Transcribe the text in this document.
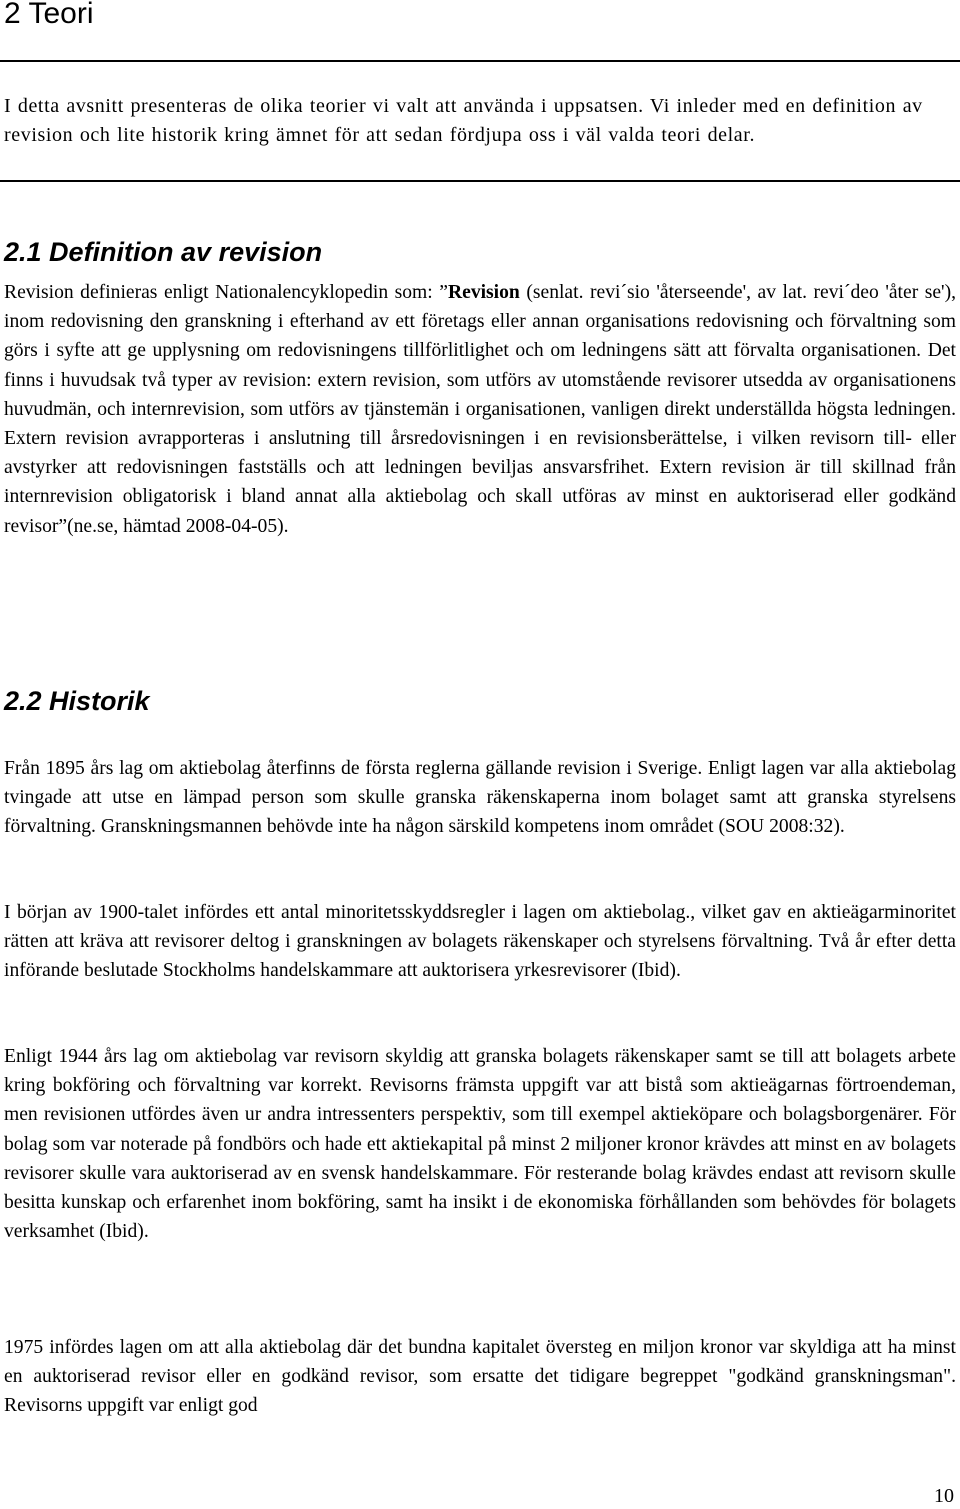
2 Teori

I detta avsnitt presenteras de olika teorier vi valt att använda i uppsatsen. Vi inleder med en definition av revision och lite historik kring ämnet för att sedan fördjupa oss i väl valda teori delar.

2.1 Definition av revision

Revision definieras enligt Nationalencyklopedin som: ”Revision (senlat. revi´sio 'återseende', av lat. revi´deo 'åter se'), inom redovisning den granskning i efterhand av ett företags eller annan organisations redovisning och förvaltning som görs i syfte att ge upplysning om redovisningens tillförlitlighet och om ledningens sätt att förvalta organisationen. Det finns i huvudsak två typer av revision: extern revision, som utförs av utomstående revisorer utsedda av organisationens huvudmän, och internrevision, som utförs av tjänstemän i organisationen, vanligen direkt underställda högsta ledningen. Extern revision avrapporteras i anslutning till årsredovisningen i en revisionsberättelse, i vilken revisorn till- eller avstyrker att redovisningen fastställs och att ledningen beviljas ansvarsfrihet. Extern revision är till skillnad från internrevision obligatorisk i bland annat alla aktiebolag och skall utföras av minst en auktoriserad eller godkänd revisor”(ne.se, hämtad 2008-04-05).

2.2 Historik

Från 1895 års lag om aktiebolag återfinns de första reglerna gällande revision i Sverige. Enligt lagen var alla aktiebolag tvingade att utse en lämpad person som skulle granska räkenskaperna inom bolaget samt att granska styrelsens förvaltning. Granskningsmannen behövde inte ha någon särskild kompetens inom området (SOU 2008:32).

I början av 1900-talet infördes ett antal minoritetsskyddsregler i lagen om aktiebolag., vilket gav en aktieägarminoritet rätten att kräva att revisorer deltog i granskningen av bolagets räkenskaper och styrelsens förvaltning. Två år efter detta införande beslutade Stockholms handelskammare att auktorisera yrkesrevisorer (Ibid).

Enligt 1944 års lag om aktiebolag var revisorn skyldig att granska bolagets räkenskaper samt se till att bolagets arbete kring bokföring och förvaltning var korrekt. Revisorns främsta uppgift var att bistå som aktieägarnas förtroendeman, men revisionen utfördes även ur andra intressenters perspektiv, som till exempel aktieköpare och bolagsborgenärer. För bolag som var noterade på fondbörs och hade ett aktiekapital på minst 2 miljoner kronor krävdes att minst en av bolagets revisorer skulle vara auktoriserad av en svensk handelskammare. För resterande bolag krävdes endast att revisorn skulle besitta kunskap och erfarenhet inom bokföring, samt ha insikt i de ekonomiska förhållanden som behövdes för bolagets verksamhet (Ibid).

1975 infördes lagen om att alla aktiebolag där det bundna kapitalet översteg en miljon kronor var skyldiga att ha minst en auktoriserad revisor eller en godkänd revisor, som ersatte det tidigare begreppet "godkänd granskningsman". Revisorns uppgift var enligt god

10
